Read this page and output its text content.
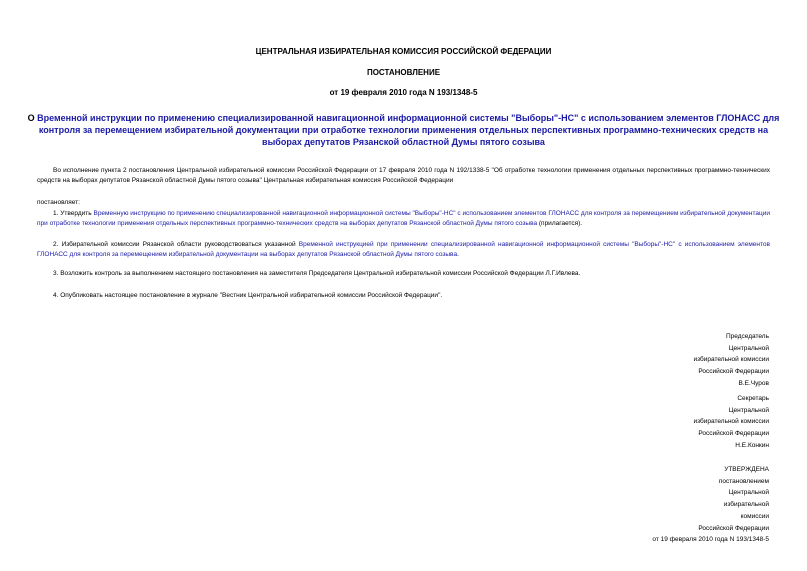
ЦЕНТРАЛЬНАЯ ИЗБИРАТЕЛЬНАЯ КОМИССИЯ РОССИЙСКОЙ ФЕДЕРАЦИИ
ПОСТАНОВЛЕНИЕ
от 19 февраля 2010 года N 193/1348-5
О Временной инструкции по применению специализированной навигационной информационной системы "Выборы"-НС" с использованием элементов ГЛОНАСС для контроля за перемещением избирательной документации при отработке технологии применения отдельных перспективных программно-технических средств на выборах депутатов Рязанской областной Думы пятого созыва
Во исполнение пункта 2 постановления Центральной избирательной комиссии Российской Федерации от 17 февраля 2010 года N 192/1338-5 "Об отработке технологии применения отдельных перспективных программно-технических средств на выборах депутатов Рязанской областной Думы пятого созыва" Центральная избирательная комиссия Российской Федерации
постановляет:
1. Утвердить Временную инструкцию по применению специализированной навигационной информационной системы "Выборы"-НС" с использованием элементов ГЛОНАСС для контроля за перемещением избирательной документации при отработке технологии применения отдельных перспективных программно-технических средств на выборах депутатов Рязанской областной Думы пятого созыва (прилагается).
2. Избирательной комиссии Рязанской области руководствоваться указанной Временной инструкцией при применении специализированной навигационной информационной системы "Выборы"-НС" с использованием элементов ГЛОНАСС для контроля за перемещением избирательной документации на выборах депутатов Рязанской областной Думы пятого созыва.
3. Возложить контроль за выполнением настоящего постановления на заместителя Председателя Центральной избирательной комиссии Российской Федерации Л.Г.Ивлева.
4. Опубликовать настоящее постановление в журнале "Вестник Центральной избирательной комиссии Российской Федерации".
Председатель
Центральной
избирательной комиссии
Российской Федерации
В.Е.Чуров
Секретарь
Центральной
избирательной комиссии
Российской Федерации
Н.Е.Конкин
УТВЕРЖДЕНА
постановлением
Центральной
избирательной
комиссии
Российской Федерации
от 19 февраля 2010 года N 193/1348-5
